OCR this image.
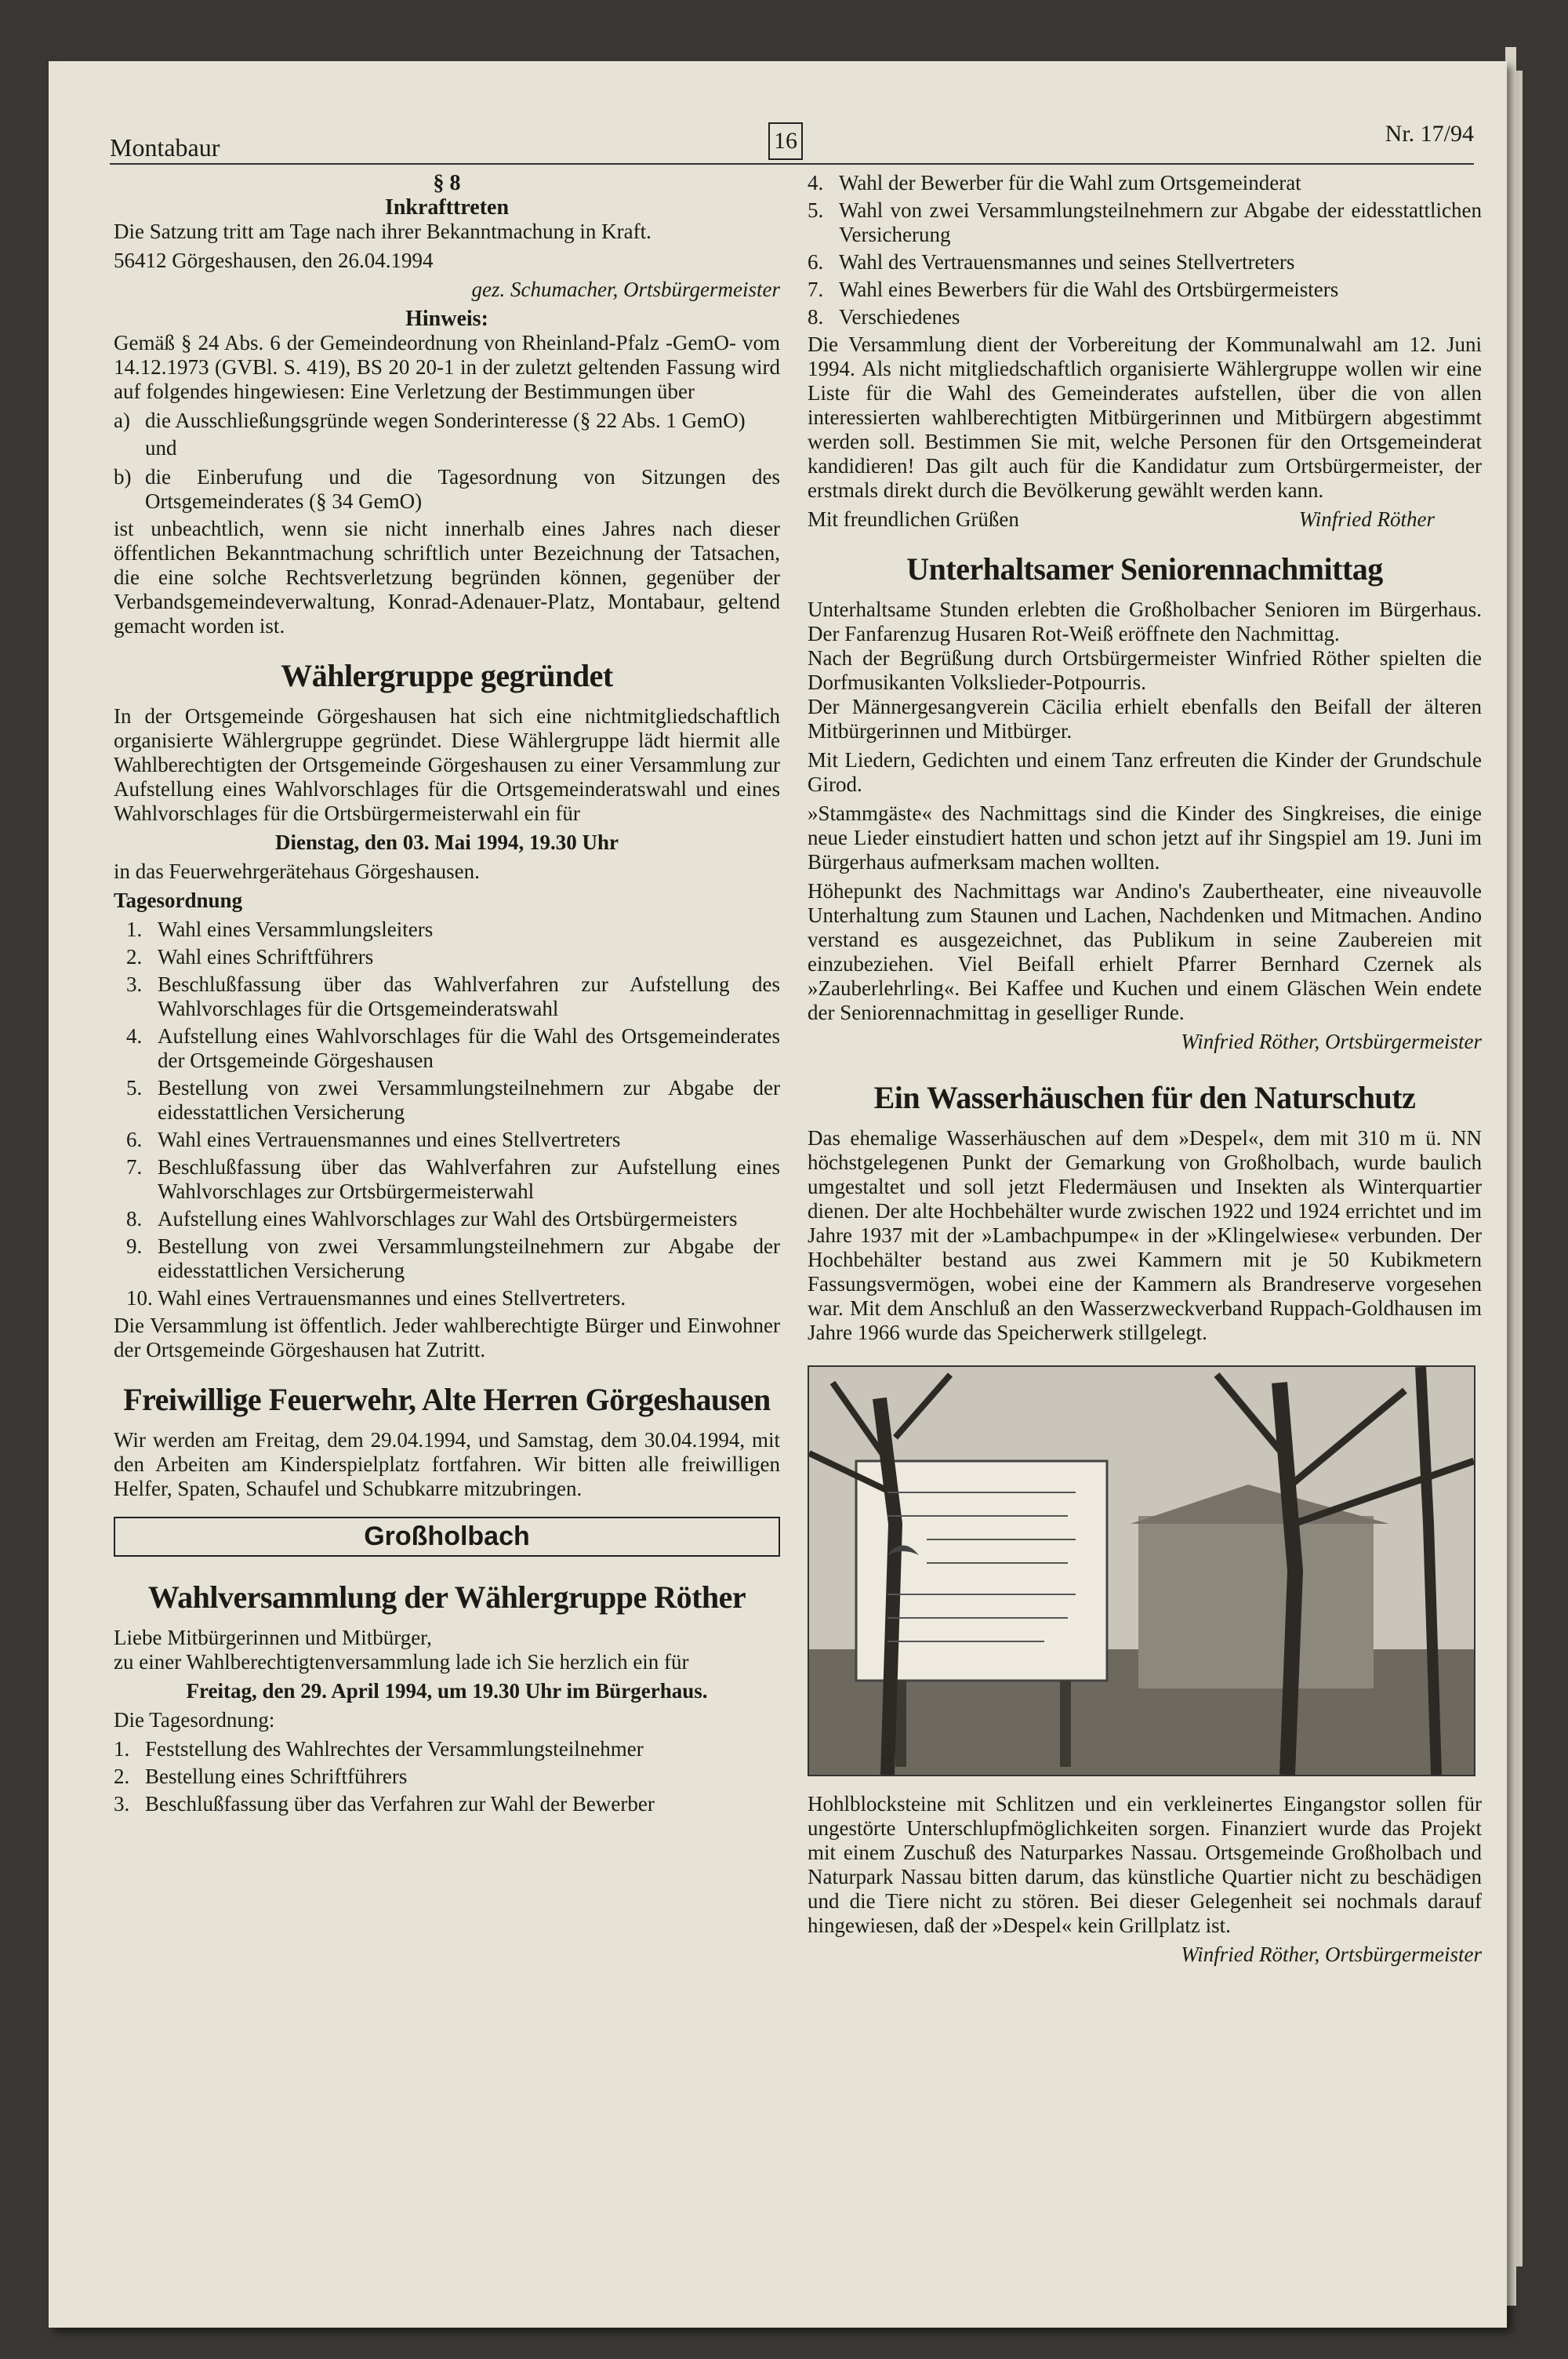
Montabaur	16	Nr. 17/94

§ 8

Inkrafttreten

Die Satzung tritt am Tage nach ihrer Bekanntmachung in Kraft.

56412 Görgeshausen, den 26.04.1994

gez. Schumacher, Ortsbürgermeister

Hinweis:

Gemäß § 24 Abs. 6 der Gemeindeordnung von Rheinland-Pfalz -GemO- vom 14.12.1973 (GVBl. S. 419), BS 20 20-1 in der zuletzt geltenden Fassung wird auf folgendes hingewiesen: Eine Verletzung der Bestimmungen über

a) die Ausschließungsgründe wegen Sonderinteresse (§ 22 Abs. 1 GemO)

und

b) die Einberufung und die Tagesordnung von Sitzungen des Ortsgemeinderates (§ 34 GemO)

ist unbeachtlich, wenn sie nicht innerhalb eines Jahres nach dieser öffentlichen Bekanntmachung schriftlich unter Bezeichnung der Tatsachen, die eine solche Rechtsverletzung begründen können, gegenüber der Verbandsgemeindeverwaltung, Konrad-Adenauer-Platz, Montabaur, geltend gemacht worden ist.

Wählergruppe gegründet

In der Ortsgemeinde Görgeshausen hat sich eine nichtmitgliedschaftlich organisierte Wählergruppe gegründet. Diese Wählergruppe lädt hiermit alle Wahlberechtigten der Ortsgemeinde Görgeshausen zu einer Versammlung zur Aufstellung eines Wahlvorschlages für die Ortsgemeinderatswahl und eines Wahlvorschlages für die Ortsbürgermeisterwahl ein für

Dienstag, den 03. Mai 1994, 19.30 Uhr

in das Feuerwehrgerätehaus Görgeshausen.

Tagesordnung

1. Wahl eines Versammlungsleiters
2. Wahl eines Schriftführers
3. Beschlußfassung über das Wahlverfahren zur Aufstellung des Wahlvorschlages für die Ortsgemeinderatswahl
4. Aufstellung eines Wahlvorschlages für die Wahl des Ortsgemeinderates der Ortsgemeinde Görgeshausen
5. Bestellung von zwei Versammlungsteilnehmern zur Abgabe der eidesstattlichen Versicherung
6. Wahl eines Vertrauensmannes und eines Stellvertreters
7. Beschlußfassung über das Wahlverfahren zur Aufstellung eines Wahlvorschlages zur Ortsbürgermeisterwahl
8. Aufstellung eines Wahlvorschlages zur Wahl des Ortsbürgermeisters
9. Bestellung von zwei Versammlungsteilnehmern zur Abgabe der eidesstattlichen Versicherung
10. Wahl eines Vertrauensmannes und eines Stellvertreters.

Die Versammlung ist öffentlich. Jeder wahlberechtigte Bürger und Einwohner der Ortsgemeinde Görgeshausen hat Zutritt.

Freiwillige Feuerwehr, Alte Herren Görgeshausen

Wir werden am Freitag, dem 29.04.1994, und Samstag, dem 30.04.1994, mit den Arbeiten am Kinderspielplatz fortfahren. Wir bitten alle freiwilligen Helfer, Spaten, Schaufel und Schubkarre mitzubringen.

Großholbach
Wahlversammlung der Wählergruppe Röther

Liebe Mitbürgerinnen und Mitbürger,

zu einer Wahlberechtigtenversammlung lade ich Sie herzlich ein für

Freitag, den 29. April 1994, um 19.30 Uhr im Bürgerhaus.

Die Tagesordnung:

1. Feststellung des Wahlrechtes der Versammlungsteilnehmer
2. Bestellung eines Schriftführers
3. Beschlußfassung über das Verfahren zur Wahl der Bewerber
4. Wahl der Bewerber für die Wahl zum Ortsgemeinderat
5. Wahl von zwei Versammlungsteilnehmern zur Abgabe der eidesstattlichen Versicherung
6. Wahl des Vertrauensmannes und seines Stellvertreters
7. Wahl eines Bewerbers für die Wahl des Ortsbürgermeisters
8. Verschiedenes

Die Versammlung dient der Vorbereitung der Kommunalwahl am 12. Juni 1994. Als nicht mitgliedschaftlich organisierte Wählergruppe wollen wir eine Liste für die Wahl des Gemeinderates aufstellen, über die von allen interessierten wahlberechtigten Mitbürgerinnen und Mitbürgern abgestimmt werden soll. Bestimmen Sie mit, welche Personen für den Ortsgemeinderat kandidieren! Das gilt auch für die Kandidatur zum Ortsbürgermeister, der erstmals direkt durch die Bevölkerung gewählt werden kann.

Mit freundlichen Grüßen	Winfried Röther
Unterhaltsamer Seniorennachmittag

Unterhaltsame Stunden erlebten die Großholbacher Senioren im Bürgerhaus. Der Fanfarenzug Husaren Rot-Weiß eröffnete den Nachmittag.

Nach der Begrüßung durch Ortsbürgermeister Winfried Röther spielten die Dorfmusikanten Volkslieder-Potpourris.

Der Männergesangverein Cäcilia erhielt ebenfalls den Beifall der älteren Mitbürgerinnen und Mitbürger.

Mit Liedern, Gedichten und einem Tanz erfreuten die Kinder der Grundschule Girod.

»Stammgäste« des Nachmittags sind die Kinder des Singkreises, die einige neue Lieder einstudiert hatten und schon jetzt auf ihr Singspiel am 19. Juni im Bürgerhaus aufmerksam machen wollten.

Höhepunkt des Nachmittags war Andino's Zaubertheater, eine niveauvolle Unterhaltung zum Staunen und Lachen, Nachdenken und Mitmachen. Andino verstand es ausgezeichnet, das Publikum in seine Zaubereien mit einzubeziehen. Viel Beifall erhielt Pfarrer Bernhard Czernek als »Zauberlehrling«. Bei Kaffee und Kuchen und einem Gläschen Wein endete der Seniorennachmittag in geselliger Runde.

Winfried Röther, Ortsbürgermeister

Ein Wasserhäuschen für den Naturschutz

Das ehemalige Wasserhäuschen auf dem »Despel«, dem mit 310 m ü. NN höchstgelegenen Punkt der Gemarkung von Großholbach, wurde baulich umgestaltet und soll jetzt Fledermäusen und Insekten als Winterquartier dienen. Der alte Hochbehälter wurde zwischen 1922 und 1924 errichtet und im Jahre 1937 mit der »Lambachpumpe« in der »Klingelwiese« verbunden. Der Hochbehälter bestand aus zwei Kammern mit je 50 Kubikmetern Fassungsvermögen, wobei eine der Kammern als Brandreserve vorgesehen war. Mit dem Anschluß an den Wasserzweckverband Ruppach-Goldhausen im Jahre 1966 wurde das Speicherwerk stillgelegt.

Hohlblocksteine mit Schlitzen und ein verkleinertes Eingangstor sollen für ungestörte Unterschlupfmöglichkeiten sorgen. Finanziert wurde das Projekt mit einem Zuschuß des Naturparkes Nassau. Ortsgemeinde Großholbach und Naturpark Nassau bitten darum, das künstliche Quartier nicht zu beschädigen und die Tiere nicht zu stören. Bei dieser Gelegenheit sei nochmals darauf hingewiesen, daß der »Despel« kein Grillplatz ist.

Winfried Röther, Ortsbürgermeister
